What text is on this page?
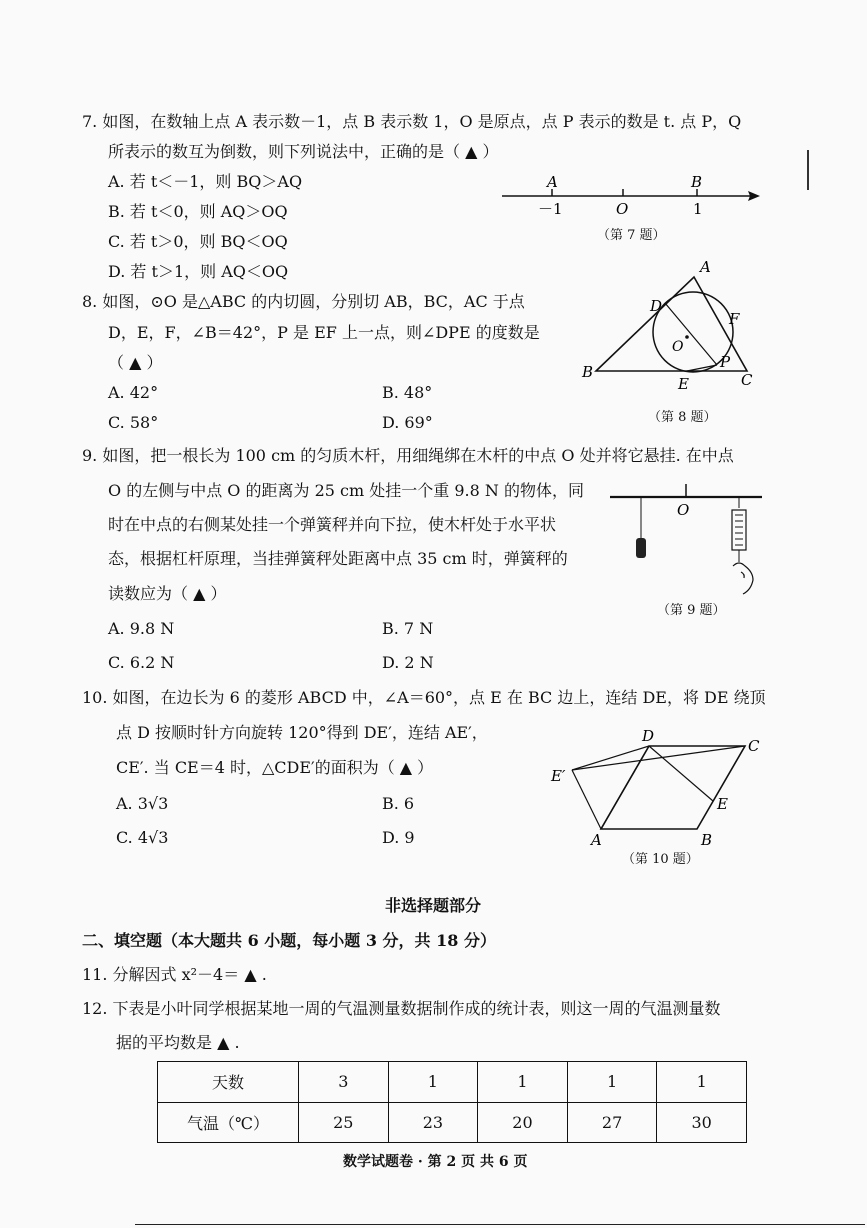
7. 如图，在数轴上点 A 表示数－1，点 B 表示数 1，O 是原点，点 P 表示的数是 t. 点 P，Q
所表示的数互为倒数，则下列说法中，正确的是（ ▲ ）
A. 若 t＜－1，则 BQ＞AQ
B. 若 t＜0，则 AQ＞OQ
C. 若 t＞0，则 BQ＜OQ
D. 若 t＞1，则 AQ＜OQ
A	B
－1	O	1
A
B	C
D
E
F
O
P
O
A	B
C
D
E
E′
（第 7 题）
8. 如图，⊙O 是△ABC 的内切圆，分别切 AB，BC，AC 于点
D，E，F，∠B＝42°，P 是 EF 上一点，则∠DPE 的度数是
（ ▲ ）
A. 42°	B. 48°
C. 58°	D. 69°	（第 8 题）
9. 如图，把一根长为 100 cm 的匀质木杆，用细绳绑在木杆的中点 O 处并将它悬挂. 在中点
O 的左侧与中点 O 的距离为 25 cm 处挂一个重 9.8 N 的物体，同
时在中点的右侧某处挂一个弹簧秤并向下拉，使木杆处于水平状
态，根据杠杆原理，当挂弹簧秤处距离中点 35 cm 时，弹簧秤的
读数应为（ ▲ ）
A. 9.8 N	B. 7 N
C. 6.2 N	D. 2 N
（第 9 题）
10. 如图，在边长为 6 的菱形 ABCD 中，∠A＝60°，点 E 在 BC 边上，连结 DE，将 DE 绕顶
点 D 按顺时针方向旋转 120°得到 DE′，连结 AE′，
CE′. 当 CE＝4 时，△CDE′的面积为（ ▲ ）
A. 3√3	B. 6
C. 4√3	D. 9
（第 10 题）
非选择题部分
二、填空题（本大题共 6 小题，每小题 3 分，共 18 分）
11. 分解因式 x²－4＝ ▲ .
12. 下表是小叶同学根据某地一周的气温测量数据制作成的统计表，则这一周的气温测量数
据的平均数是 ▲ .
天数	3	1	1	1	1
气温（℃）	25	23	20	27	30
数学试题卷 · 第 2 页 共 6 页
